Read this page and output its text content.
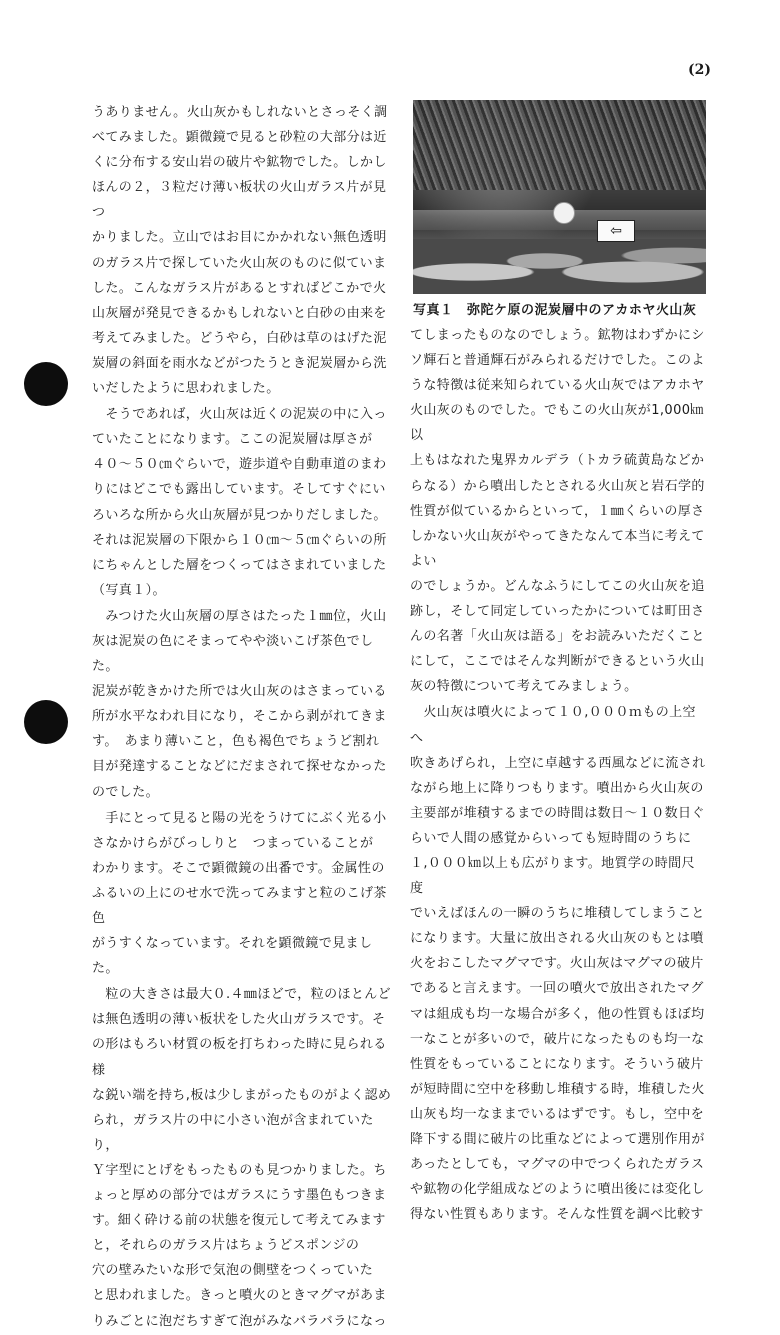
(2)

うありません。火山灰かもしれないとさっそく調
べてみました。顕微鏡で見ると砂粒の大部分は近
くに分布する安山岩の破片や鉱物でした。しかし
ほんの２，３粒だけ薄い板状の火山ガラス片が見つ
かりました。立山ではお目にかかれない無色透明
のガラス片で探していた火山灰のものに似ていま
した。こんなガラス片があるとすればどこかで火
山灰層が発見できるかもしれないと白砂の由来を
考えてみました。どうやら，白砂は草のはげた泥
炭層の斜面を雨水などがつたうとき泥炭層から洗
いだしたように思われました。

　そうであれば，火山灰は近くの泥炭の中に入っ
ていたことになります。ここの泥炭層は厚さが
４０～５０㎝ぐらいで，遊歩道や自動車道のまわ
りにはどこでも露出しています。そしてすぐにい
ろいろな所から火山灰層が見つかりだしました。
それは泥炭層の下限から１０㎝～５㎝ぐらいの所
にちゃんとした層をつくってはさまれていました
（写真１）。

　みつけた火山灰層の厚さはたった１㎜位，火山
灰は泥炭の色にそまってやや淡いこげ茶色でした。
泥炭が乾きかけた所では火山灰のはさまっている
所が水平なわれ目になり，そこから剥がれてきま
す。　あまり薄いこと，色も褐色でちょうど割れ
目が発達することなどにだまされて探せなかった
のでした。

　手にとって見ると陽の光をうけてにぶく光る小
さなかけらがびっしりと　つまっていることが
わかります。そこで顕微鏡の出番です。金属性の
ふるいの上にのせ水で洗ってみますと粒のこげ茶色
がうすくなっています。それを顕微鏡で見ました。

　粒の大きさは最大０.４㎜ほどで，粒のほとんど
は無色透明の薄い板状をした火山ガラスです。そ
の形はもろい材質の板を打ちわった時に見られる様
な鋭い端を持ち,板は少しまがったものがよく認め
られ，ガラス片の中に小さい泡が含まれていたり，
Ｙ字型にとげをもったものも見つかりました。ち
ょっと厚めの部分ではガラスにうす墨色もつきま
す。細く砕ける前の状態を復元して考えてみます
と，それらのガラス片はちょうどスポンジの
穴の壁みたいな形で気泡の側壁をつくっていた
と思われました。きっと噴火のときマグマがあま
りみごとに泡だちすぎて泡がみなバラバラになっ

⇦
写真１　弥陀ケ原の泥炭層中のアカホヤ火山灰

てしまったものなのでしょう。鉱物はわずかにシ
ソ輝石と普通輝石がみられるだけでした。このよ
うな特徴は従来知られている火山灰ではアカホヤ
火山灰のものでした。でもこの火山灰が1,000㎞以
上もはなれた鬼界カルデラ（トカラ硫黄島などか
らなる）から噴出したとされる火山灰と岩石学的
性質が似ているからといって，１㎜くらいの厚さ
しかない火山灰がやってきたなんて本当に考えてよい
のでしょうか。どんなふうにしてこの火山灰を追
跡し，そして同定していったかについては町田さ
んの名著「火山灰は語る」をお読みいただくこと
にして，ここではそんな判断ができるという火山
灰の特徴について考えてみましょう。

　火山灰は噴火によって１０,０００ｍもの上空へ
吹きあげられ，上空に卓越する西風などに流され
ながら地上に降りつもります。噴出から火山灰の
主要部が堆積するまでの時間は数日～１０数日ぐ
らいで人間の感覚からいっても短時間のうちに
１,０００㎞以上も広がります。地質学の時間尺度
でいえばほんの一瞬のうちに堆積してしまうこと
になります。大量に放出される火山灰のもとは噴
火をおこしたマグマです。火山灰はマグマの破片
であると言えます。一回の噴火で放出されたマグ
マは組成も均一な場合が多く，他の性質もほぼ均
一なことが多いので，破片になったものも均一な
性質をもっていることになります。そういう破片
が短時間に空中を移動し堆積する時，堆積した火
山灰も均一なままでいるはずです。もし，空中を
降下する間に破片の比重などによって選別作用が
あったとしても，マグマの中でつくられたガラス
や鉱物の化学組成などのように噴出後には変化し
得ない性質もあります。そんな性質を調べ比較す
